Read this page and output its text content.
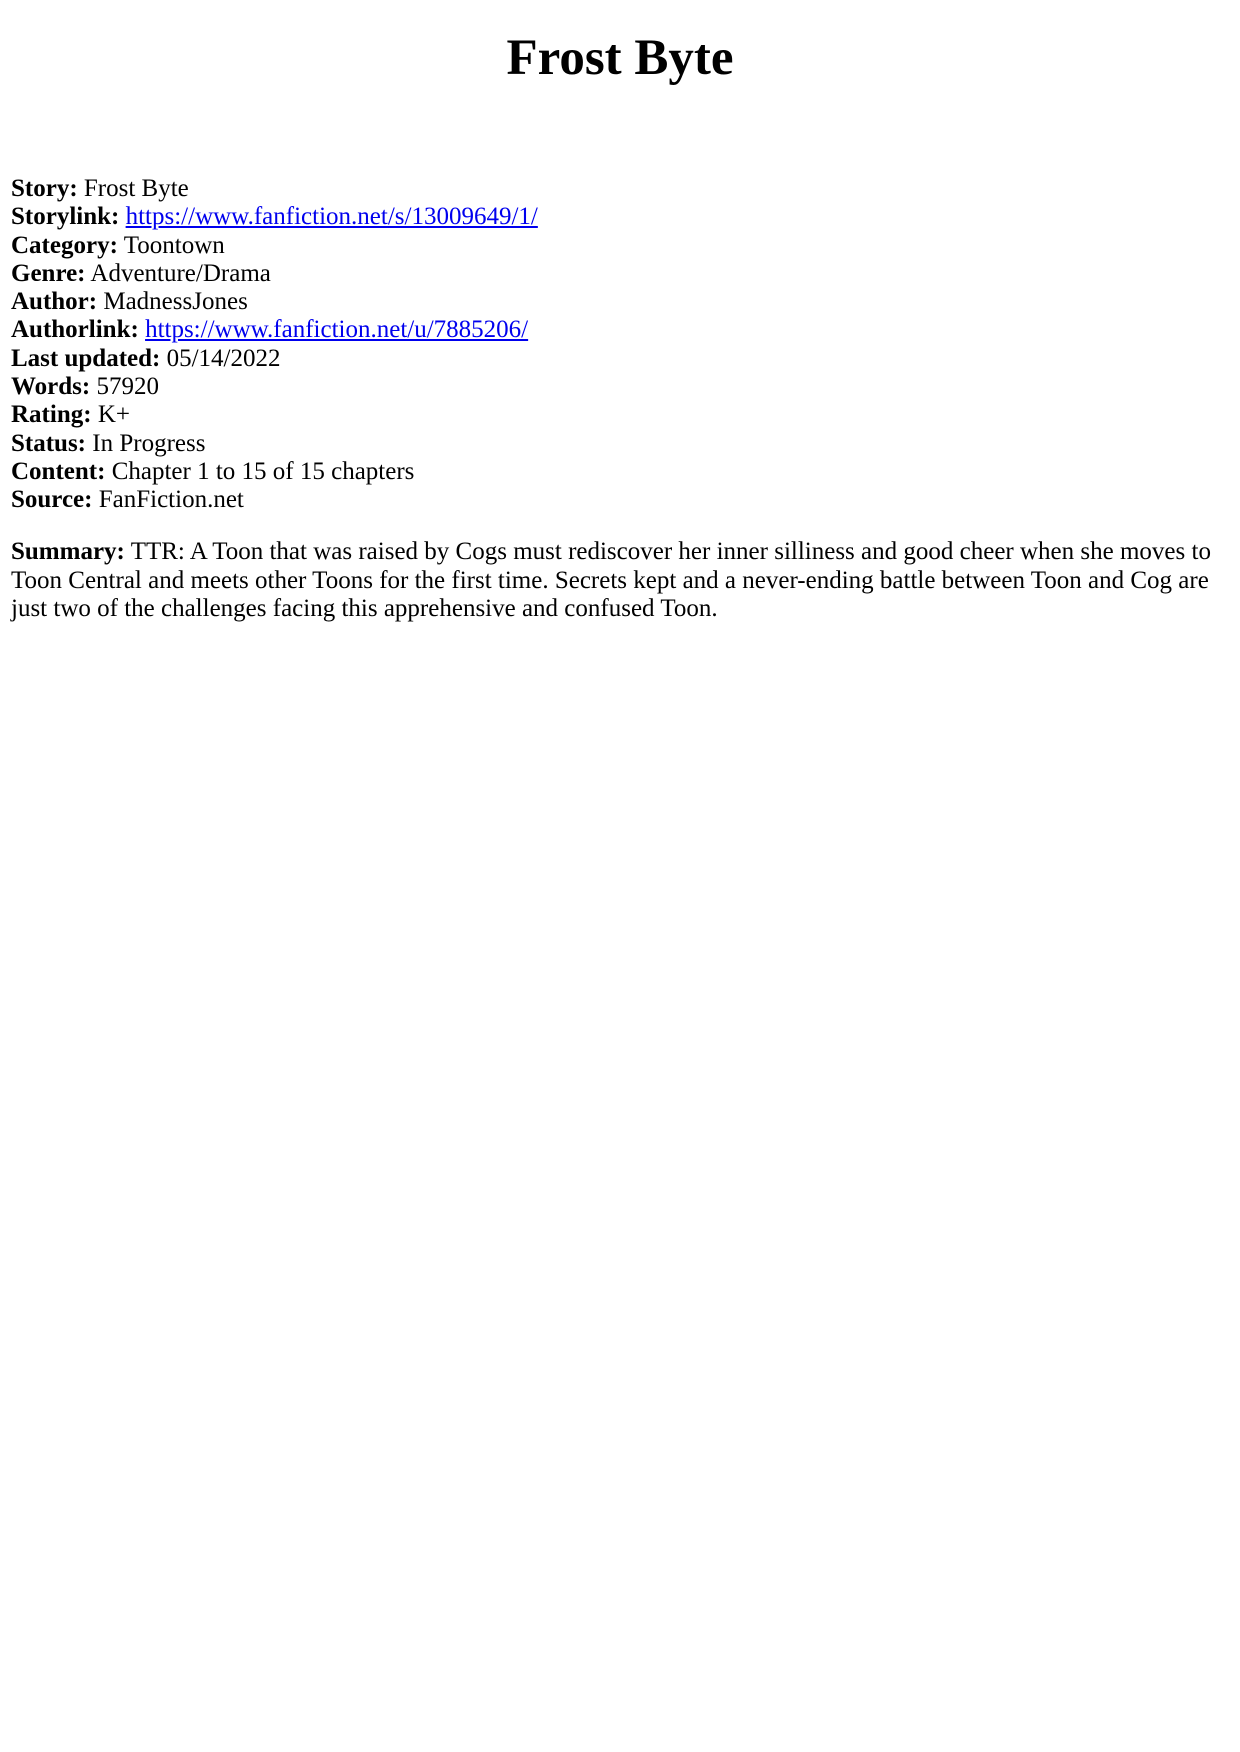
Frost Byte
Story: Frost Byte
Storylink: https://www.fanfiction.net/s/13009649/1/
Category: Toontown
Genre: Adventure/Drama
Author: MadnessJones
Authorlink: https://www.fanfiction.net/u/7885206/
Last updated: 05/14/2022
Words: 57920
Rating: K+
Status: In Progress
Content: Chapter 1 to 15 of 15 chapters
Source: FanFiction.net
Summary: TTR: A Toon that was raised by Cogs must rediscover her inner silliness and good cheer when she moves to Toon Central and meets other Toons for the first time. Secrets kept and a never-ending battle between Toon and Cog are just two of the challenges facing this apprehensive and confused Toon.
